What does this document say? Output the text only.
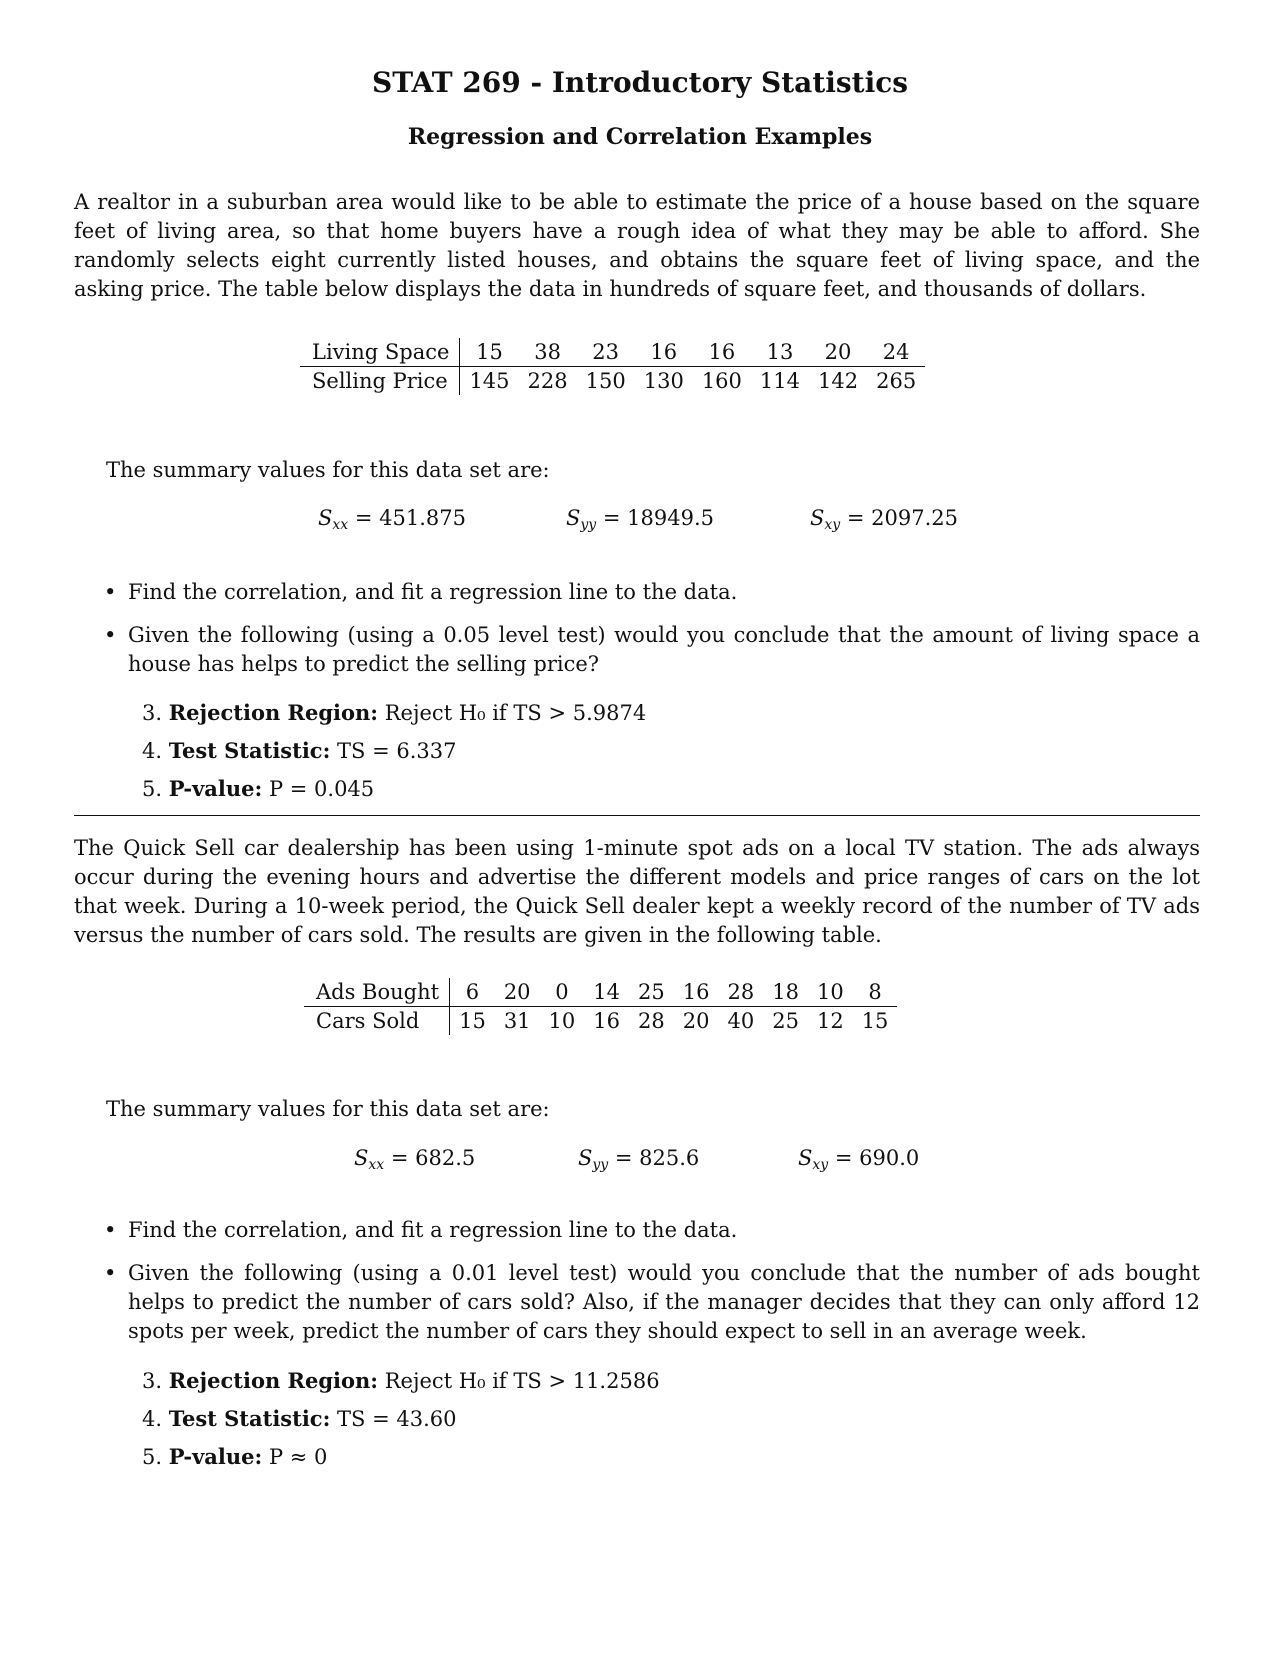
STAT 269 - Introductory Statistics
Regression and Correlation Examples

A realtor in a suburban area would like to be able to estimate the price of a house based on the square feet of living area, so that home buyers have a rough idea of what they may be able to afford. She randomly selects eight currently listed houses, and obtains the square feet of living space, and the asking price. The table below displays the data in hundreds of square feet, and thousands of dollars.

Living Space	15	38	23	16	16	13	20	24
Selling Price	145	228	150	130	160	114	142	265

The summary values for this data set are:

$S_{xx} = 451.875$	$S_{yy} = 18949.5$	$S_{xy} = 2097.25$
• Find the correlation, and fit a regression line to the data.
• Given the following (using a 0.05 level test) would you conclude that the amount of living space a house has helps to predict the selling price?
3. Rejection Region: Reject H₀ if TS > 5.9874
4. Test Statistic: TS = 6.337
5. P-value: P = 0.045

The Quick Sell car dealership has been using 1-minute spot ads on a local TV station. The ads always occur during the evening hours and advertise the different models and price ranges of cars on the lot that week. During a 10-week period, the Quick Sell dealer kept a weekly record of the number of TV ads versus the number of cars sold. The results are given in the following table.

Ads Bought	6	20	0	14	25	16	28	18	10	8
Cars Sold	15	31	10	16	28	20	40	25	12	15

The summary values for this data set are:

$S_{xx} = 682.5$	$S_{yy} = 825.6$	$S_{xy} = 690.0$
• Find the correlation, and fit a regression line to the data.
• Given the following (using a 0.01 level test) would you conclude that the number of ads bought helps to predict the number of cars sold? Also, if the manager decides that they can only afford 12 spots per week, predict the number of cars they should expect to sell in an average week.
3. Rejection Region: Reject H₀ if TS > 11.2586
4. Test Statistic: TS = 43.60
5. P-value: P ≈ 0
